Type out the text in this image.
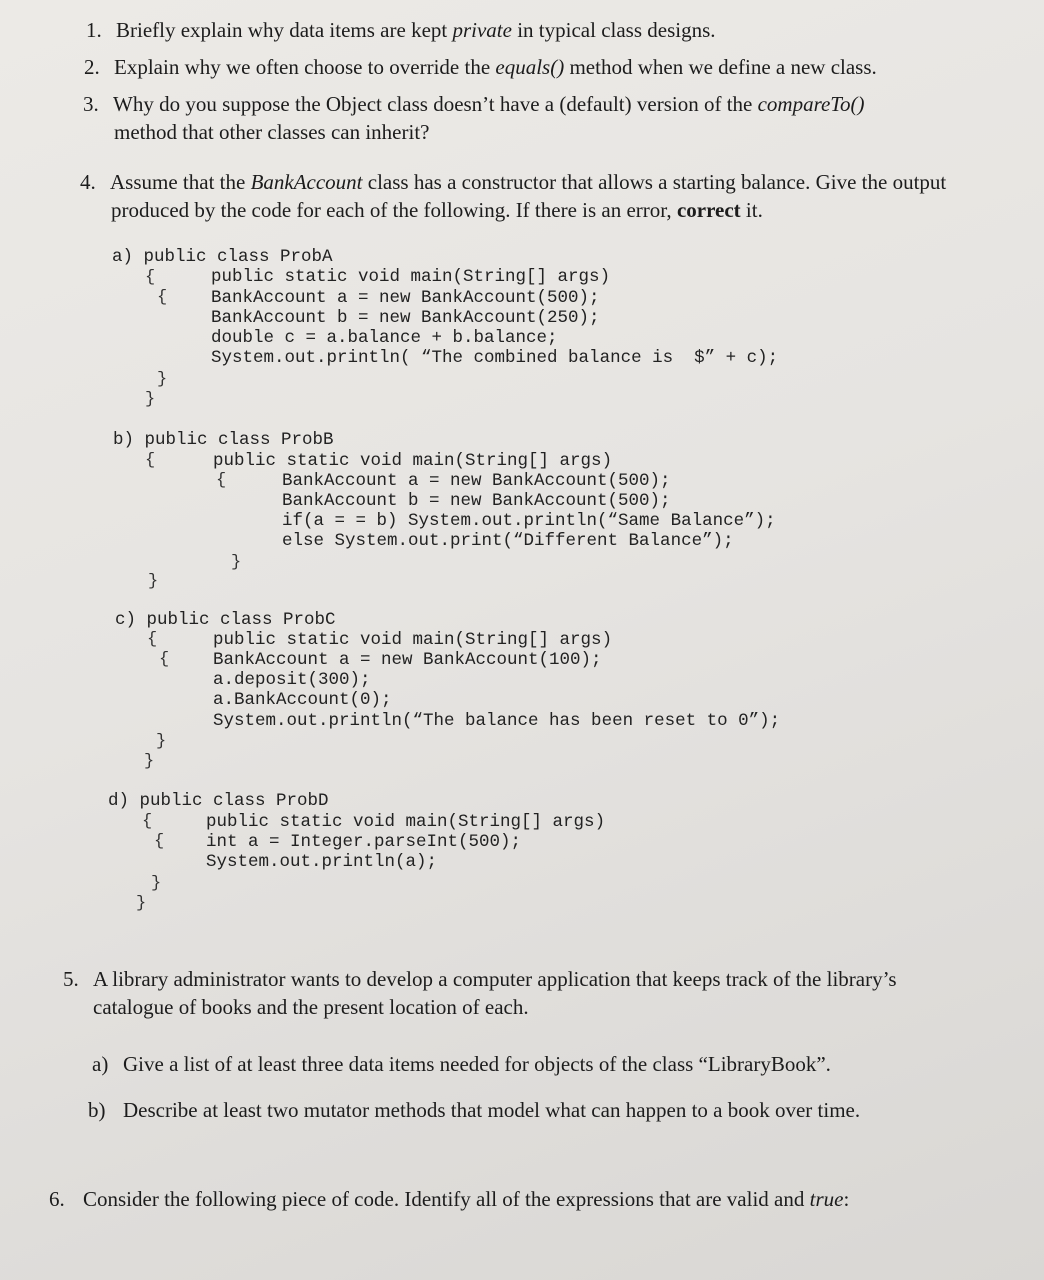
1. Briefly explain why data items are kept private in typical class designs.
2. Explain why we often choose to override the equals() method when we define a new class.
3. Why do you suppose the Object class doesn’t have a (default) version of the compareTo()
method that other classes can inherit?
4. Assume that the BankAccount class has a constructor that allows a starting balance. Give the output
produced by the code for each of the following. If there is an error, correct it.
a) public class ProbA
{
{
public static void main(String[] args)
BankAccount a = new BankAccount(500);
BankAccount b = new BankAccount(250);
double c = a.balance + b.balance;
System.out.println( “The combined balance is  $” + c);
}
}
b) public class ProbB
{	public static void main(String[] args)
{	BankAccount a = new BankAccount(500);
BankAccount b = new BankAccount(500);
if(a = = b) System.out.println(“Same Balance”);
else System.out.print(“Different Balance”);
}
}
c) public class ProbC
{
{
public static void main(String[] args)
BankAccount a = new BankAccount(100);
a.deposit(300);
a.BankAccount(0);
System.out.println(“The balance has been reset to 0”);
}
}
d) public class ProbD
{
{
public static void main(String[] args)
int a = Integer.parseInt(500);
System.out.println(a);
}
}
5. A library administrator wants to develop a computer application that keeps track of the library’s
catalogue of books and the present location of each.
a) Give a list of at least three data items needed for objects of the class “LibraryBook”.
b) Describe at least two mutator methods that model what can happen to a book over time.
6. Consider the following piece of code. Identify all of the expressions that are valid and true:
